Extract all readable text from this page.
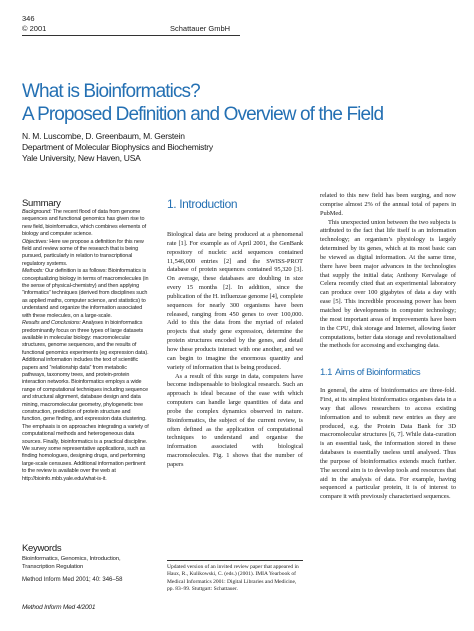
346
© 2001	Schattauer GmbH
What is Bioinformatics?
A Proposed Definition and Overview of the Field
N. M. Luscombe, D. Greenbaum, M. Gerstein
Department of Molecular Biophysics and Biochemistry
Yale University, New Haven, USA
Summary

Background: The recent flood of data from genome sequences and functional genomics has given rise to new field, bioinformatics, which combines elements of biology and computer science.

Objectives: Here we propose a definition for this new field and review some of the research that is being pursued, particularly in relation to transcriptional regulatory systems.

Methods: Our definition is as follows: Bioinformatics is conceptualizing biology in terms of macromolecules (in the sense of physical-chemistry) and then applying “informatics” techniques (derived from disciplines such as applied maths, computer science, and statistics) to understand and organize the information associated with these molecules, on a large-scale.

Results and Conclusions: Analyses in bioinformatics predominantly focus on three types of large datasets available in molecular biology: macromolecular structures, genome sequences, and the results of functional genomics experiments (eg expression data). Additional information includes the text of scientific papers and “relationship data” from metabolic pathways, taxonomy trees, and protein-protein interaction networks. Bioinformatics employs a wide range of computational techniques including sequence and structural alignment, database design and data mining, macromolecular geometry, phylogenetic tree construction, prediction of protein structure and function, gene finding, and expression data clustering. The emphasis is on approaches integrating a variety of computational methods and heterogeneous data sources. Finally, bioinformatics is a practical discipline. We survey some representative applications, such as finding homologues, designing drugs, and performing large-scale censuses. Additional information pertinent to the review is available over the web at http://bioinfo.mbb.yale.edu/what-is-it.

Keywords
Bioinformatics, Genomics, Introduction, Transcription Regulation
Method Inform Med 2001; 40: 346–58
Method Inform Med 4/2001
1. Introduction

Biological data are being produced at a phenomenal rate [1]. For example as of April 2001, the GenBank repository of nucleic acid sequences contained 11,546,000 entries [2] and the SWISS-PROT database of protein sequences contained 95,320 [3]. On average, these databases are doubling in size every 15 months [2]. In addition, since the publication of the H. influenzae genome [4], complete sequences for nearly 300 organisms have been released, ranging from 450 genes to over 100,000. Add to this the data from the myriad of related projects that study gene expression, determine the protein structures encoded by the genes, and detail how these products interact with one another, and we can begin to imagine the enormous quantity and variety of information that is being produced.

As a result of this surge in data, computers have become indispensable to biological research. Such an approach is ideal because of the ease with which computers can handle large quantities of data and probe the complex dynamics observed in nature. Bioinformatics, the subject of the current review, is often defined as the application of computational techniques to understand and organise the information associated with biological macromolecules. Fig. 1 shows that the number of papers

Updated version of an invited review paper that appeared in Haux, R., Kulikowski, C. (eds.) (2001). IMIA Yearbook of Medical Informatics 2001: Digital Libraries and Medicine, pp. 83–99. Stuttgart: Schattauer.

related to this new field has been surging, and now comprise almost 2% of the annual total of papers in PubMed.

This unexpected union between the two subjects is attributed to the fact that life itself is an information technology; an organism’s physiology is largely determined by its genes, which at its most basic can be viewed as digital information. At the same time, there have been major advances in the technologies that supply the initial data; Anthony Kervalage of Celera recently cited that an experimental laboratory can produce over 100 gigabytes of data a day with ease [5]. This incredible processing power has been matched by developments in computer technology; the most important areas of improvements have been in the CPU, disk storage and Internet, allowing faster computations, better data storage and revolutionalised the methods for accessing and exchanging data.

1.1 Aims of Bioinformatics

In general, the aims of bioinformatics are three-fold. First, at its simplest bioinformatics organises data in a way that allows researchers to access existing information and to submit new entries as they are produced, e.g. the Protein Data Bank for 3D macromolecular structures [6, 7]. While data-curation is an essential task, the information stored in these databases is essentially useless until analysed. Thus the purpose of bioinformatics extends much further. The second aim is to develop tools and resources that aid in the analysis of data. For example, having sequenced a particular protein, it is of interest to compare it with previously characterised sequences.
